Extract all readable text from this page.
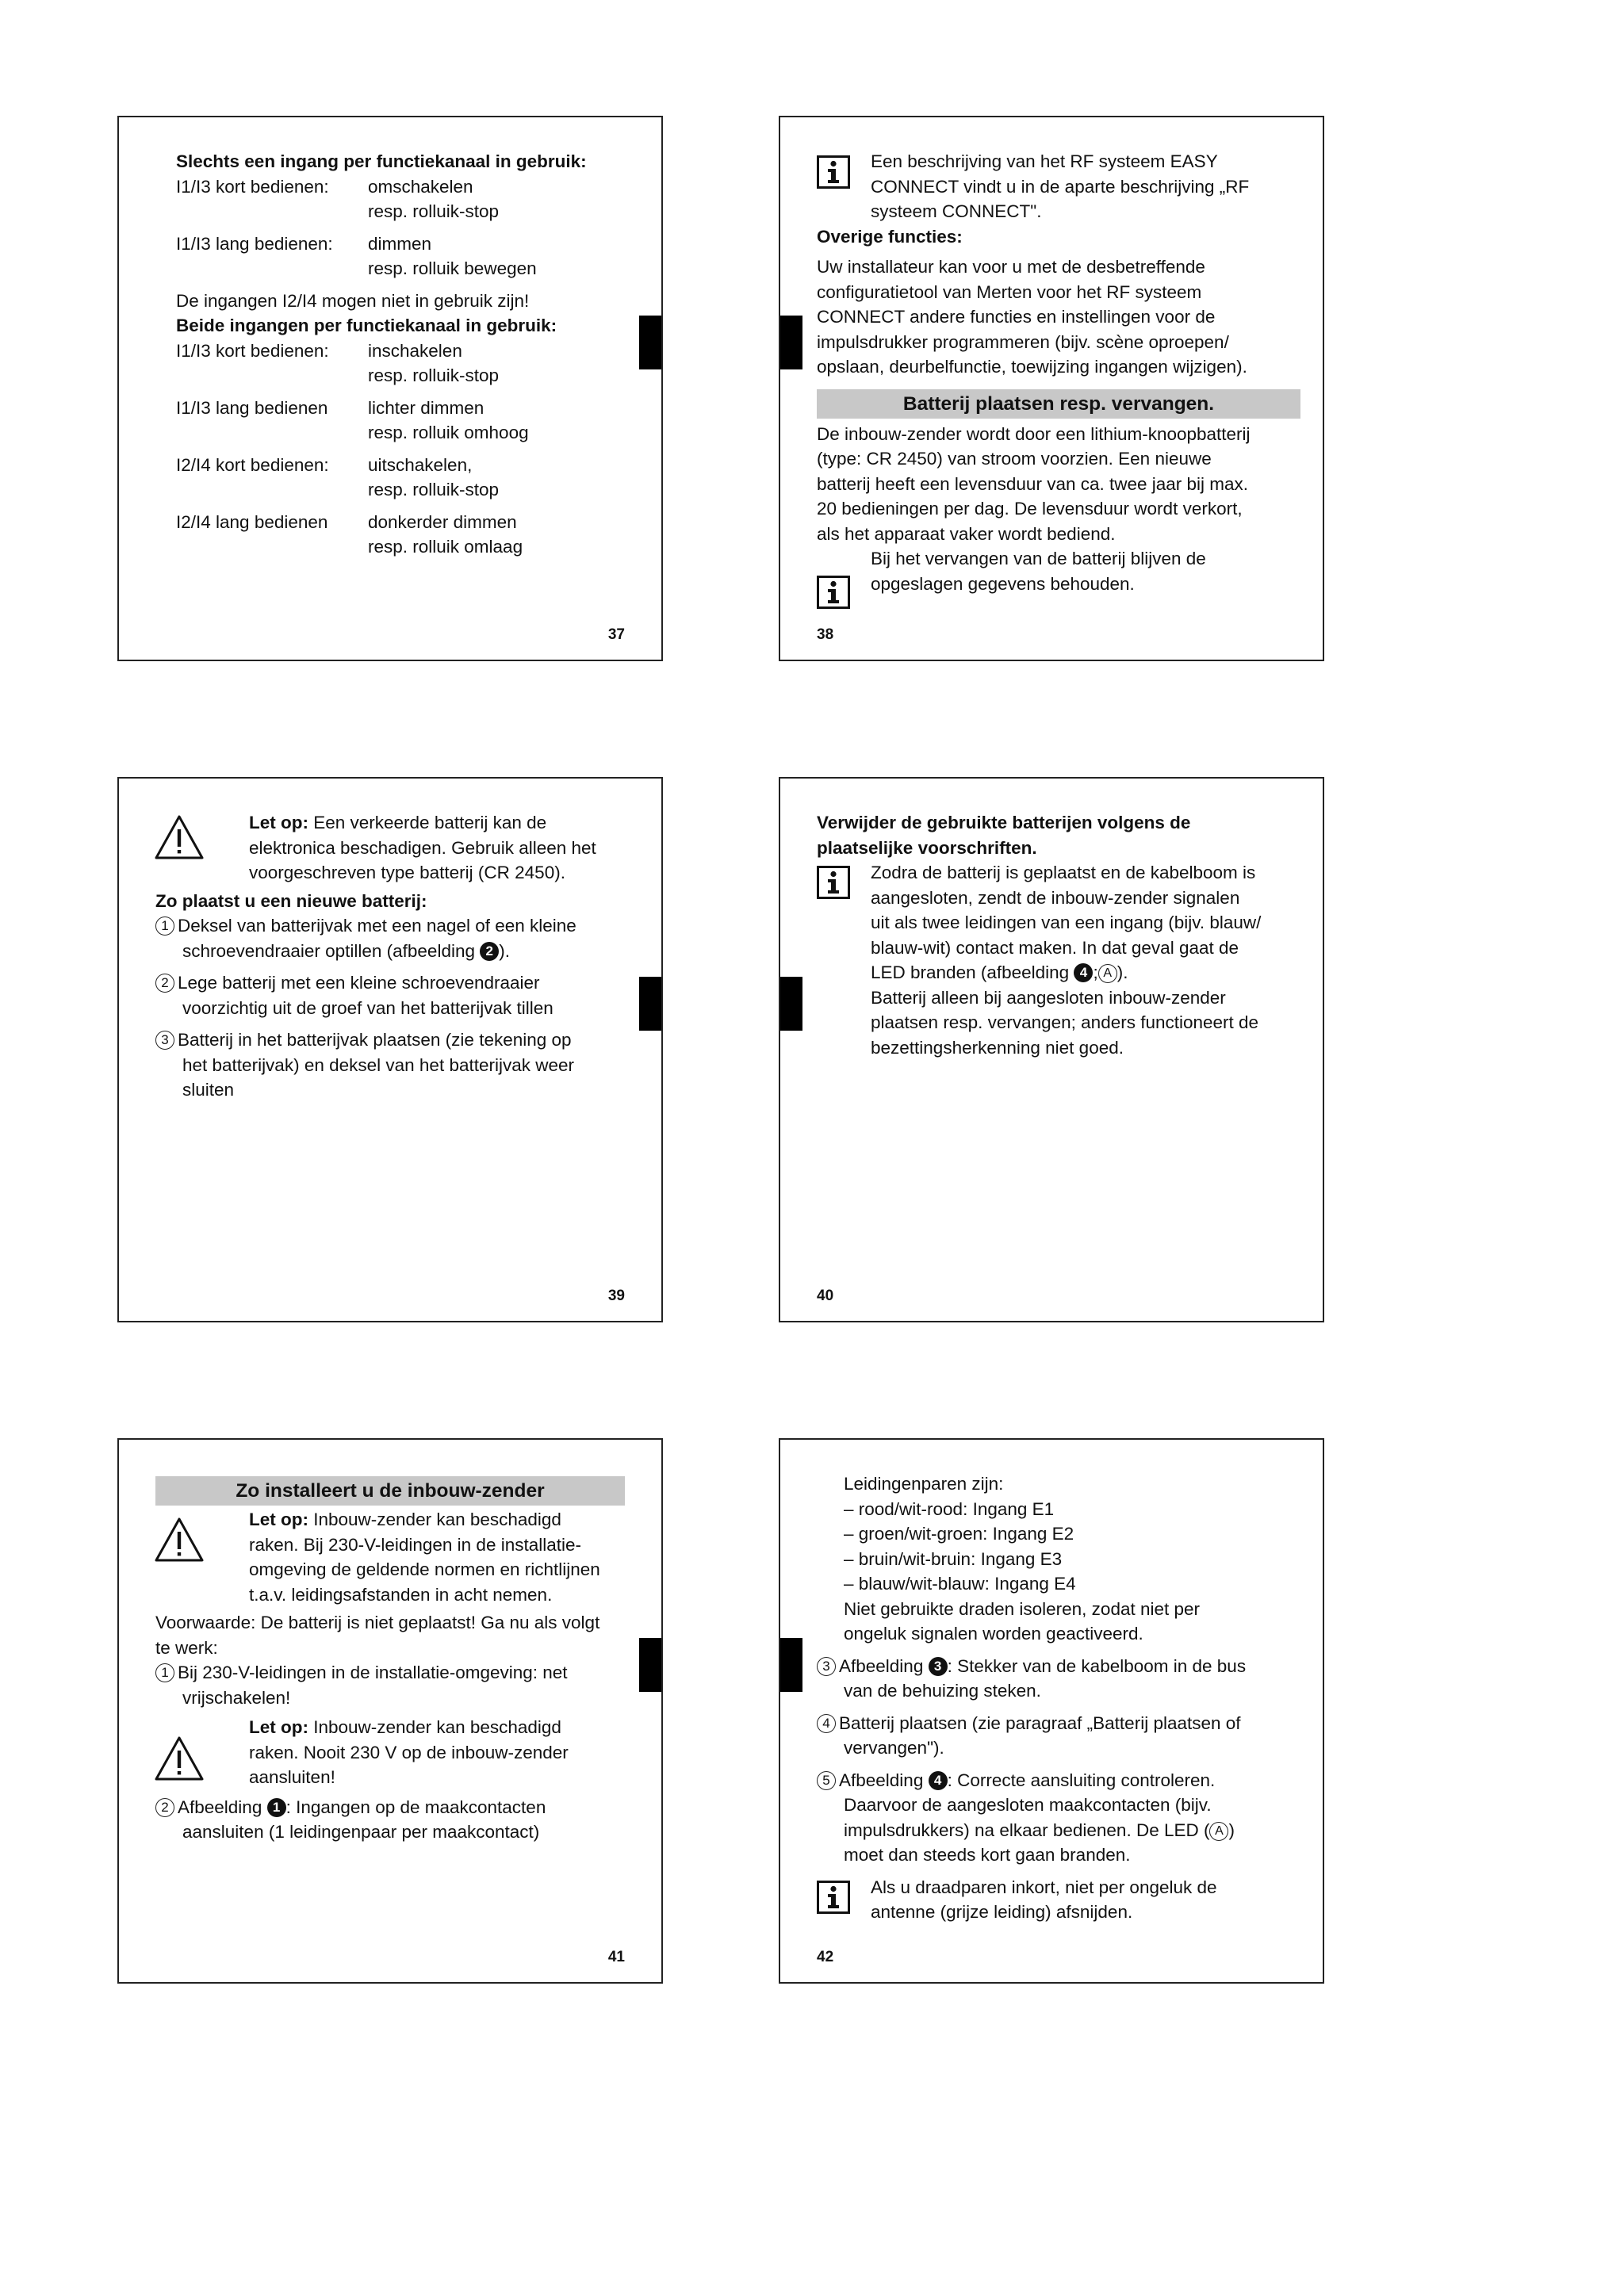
Slechts een ingang per functiekanaal in gebruik:

I1/I3 kort bedienen:	omschakelen
resp. rolluik-stop
I1/I3 lang bedienen:	dimmen
resp. rolluik bewegen

De ingangen I2/I4 mogen niet in gebruik zijn!

Beide ingangen per functiekanaal in gebruik:

I1/I3 kort bedienen:	inschakelen
resp. rolluik-stop
I1/I3 lang bedienen	lichter dimmen
resp. rolluik omhoog
I2/I4 kort bedienen:	uitschakelen,
resp. rolluik-stop
I2/I4 lang bedienen	donkerder dimmen
resp. rolluik omlaag
37

Een beschrijving van het RF systeem EASY

CONNECT vindt u in de aparte beschrijving „RF

systeem CONNECT".

Overige functies:

Uw installateur kan voor u met de desbetreffende

configuratietool van Merten voor het RF systeem

CONNECT andere functies en instellingen voor de

impulsdrukker programmeren (bijv. scène oproepen/

opslaan, deurbelfunctie, toewijzing ingangen wijzigen).

Batterij plaatsen resp. vervangen.

De inbouw-zender wordt door een lithium-knoopbatterij

(type: CR 2450) van stroom voorzien. Een nieuwe

batterij heeft een levensduur van ca. twee jaar bij max.

20 bedieningen per dag. De levensduur wordt verkort,

als het apparaat vaker wordt bediend.

Bij het vervangen van de batterij blijven de

opgeslagen gegevens behouden.

38

Let op: Een verkeerde batterij kan de

elektronica beschadigen. Gebruik alleen het

voorgeschreven type batterij (CR 2450).

Zo plaatst u een nieuwe batterij:

1 Deksel van batterijvak met een nagel of een kleine

schroevendraaier optillen (afbeelding 2 ).

2 Lege batterij met een kleine schroevendraaier

voorzichtig uit de groef van het batterijvak tillen

3 Batterij in het batterijvak plaatsen (zie tekening op

het batterijvak) en deksel van het batterijvak weer

sluiten

39

Verwijder de gebruikte batterijen volgens de

plaatselijke voorschriften.

Zodra de batterij is geplaatst en de kabelboom is

aangesloten, zendt de inbouw-zender signalen

uit als twee leidingen van een ingang (bijv. blauw/

blauw-wit) contact maken. In dat geval gaat de

LED branden (afbeelding 4 ; A ).

Batterij alleen bij aangesloten inbouw-zender

plaatsen resp. vervangen; anders functioneert de

bezettingsherkenning niet goed.

40
Zo installeert u de inbouw-zender

Let op: Inbouw-zender kan beschadigd

raken. Bij 230-V-leidingen in de installatie-

omgeving de geldende normen en richtlijnen

t.a.v. leidingsafstanden in acht nemen.

Voorwaarde: De batterij is niet geplaatst! Ga nu als volgt

te werk:

1 Bij 230-V-leidingen in de installatie-omgeving: net

vrijschakelen!

Let op: Inbouw-zender kan beschadigd

raken. Nooit 230 V op de inbouw-zender

aansluiten!

2 Afbeelding 1 : Ingangen op de maakcontacten

aansluiten (1 leidingenpaar per maakcontact)

41

Leidingenparen zijn:

– rood/wit-rood: Ingang E1

– groen/wit-groen: Ingang E2

– bruin/wit-bruin: Ingang E3

– blauw/wit-blauw: Ingang E4

Niet gebruikte draden isoleren, zodat niet per

ongeluk signalen worden geactiveerd.

3 Afbeelding 3 : Stekker van de kabelboom in de bus

van de behuizing steken.

4 Batterij plaatsen (zie paragraaf „Batterij plaatsen of

vervangen").

5 Afbeelding 4 : Correcte aansluiting controleren.

Daarvoor de aangesloten maakcontacten (bijv.

impulsdrukkers) na elkaar bedienen. De LED ( A )

moet dan steeds kort gaan branden.

Als u draadparen inkort, niet per ongeluk de

antenne (grijze leiding) afsnijden.

42
